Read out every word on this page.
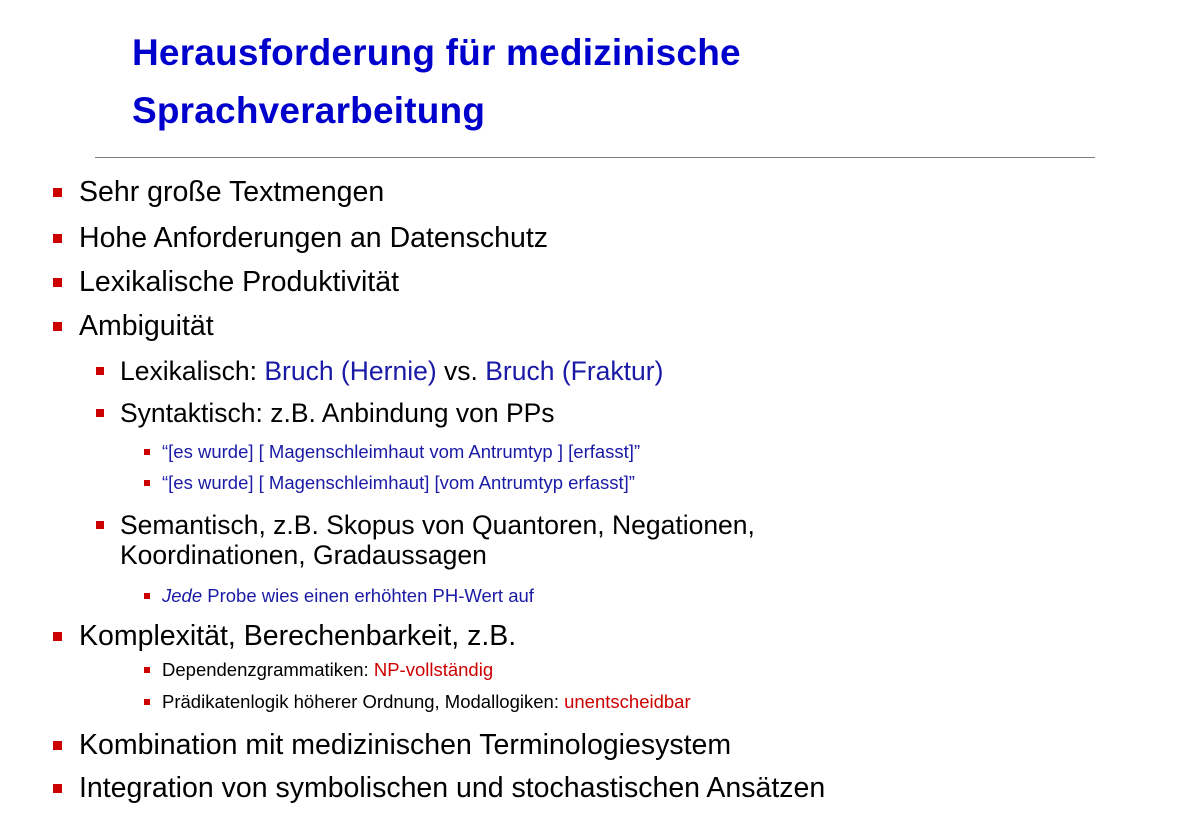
Herausforderung für medizinische
Sprachverarbeitung
Sehr große Textmengen
Hohe Anforderungen an Datenschutz
Lexikalische Produktivität
Ambiguität
Lexikalisch: Bruch (Hernie) vs. Bruch (Fraktur)
Syntaktisch: z.B. Anbindung von PPs
“[es wurde] [ Magenschleimhaut vom Antrumtyp ] [erfasst]”
“[es wurde] [ Magenschleimhaut] [vom Antrumtyp erfasst]”
Semantisch, z.B. Skopus von Quantoren, Negationen,
Koordinationen, Gradaussagen
Jede Probe wies einen erhöhten PH-Wert auf
Komplexität, Berechenbarkeit, z.B.
Dependenzgrammatiken: NP-vollständig
Prädikatenlogik höherer Ordnung, Modallogiken: unentscheidbar
Kombination mit medizinischen Terminologiesystem
Integration von symbolischen und stochastischen Ansätzen
